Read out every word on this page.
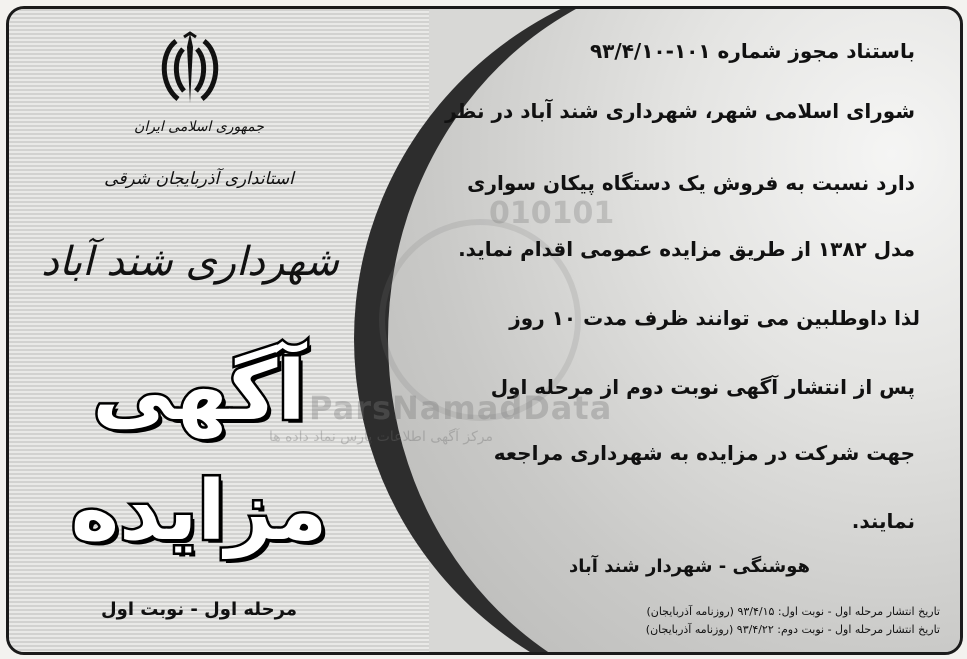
010101
جمهوری اسلامی ایران
استانداری آذربایجان شرقی
شهرداری شند آباد
آگهی
مزایده
مرحله اول - نوبت اول
باستناد مجوز شماره ۱۰۱-۹۳/۴/۱۰
شورای اسلامی شهر، شهرداری شند آباد در نظر
دارد نسبت به فروش یک دستگاه پیکان سواری
مدل ۱۳۸۲ از طریق مزایده عمومی اقدام نماید.
لذا داوطلبین می توانند ظرف مدت ۱۰ روز
پس از انتشار آگهی نوبت دوم از مرحله اول
جهت شرکت در مزایده به شهرداری مراجعه
نمایند.
ParsNamadData
مرکز آگهی اطلاعات پارس نماد داده ها
هوشنگی - شهردار شند آباد
تاریخ انتشار مرحله اول - نوبت اول: ۹۳/۴/۱۵ (روزنامه آذربایجان)
تاریخ انتشار مرحله اول - نوبت دوم: ۹۳/۴/۲۲ (روزنامه آذربایجان)
